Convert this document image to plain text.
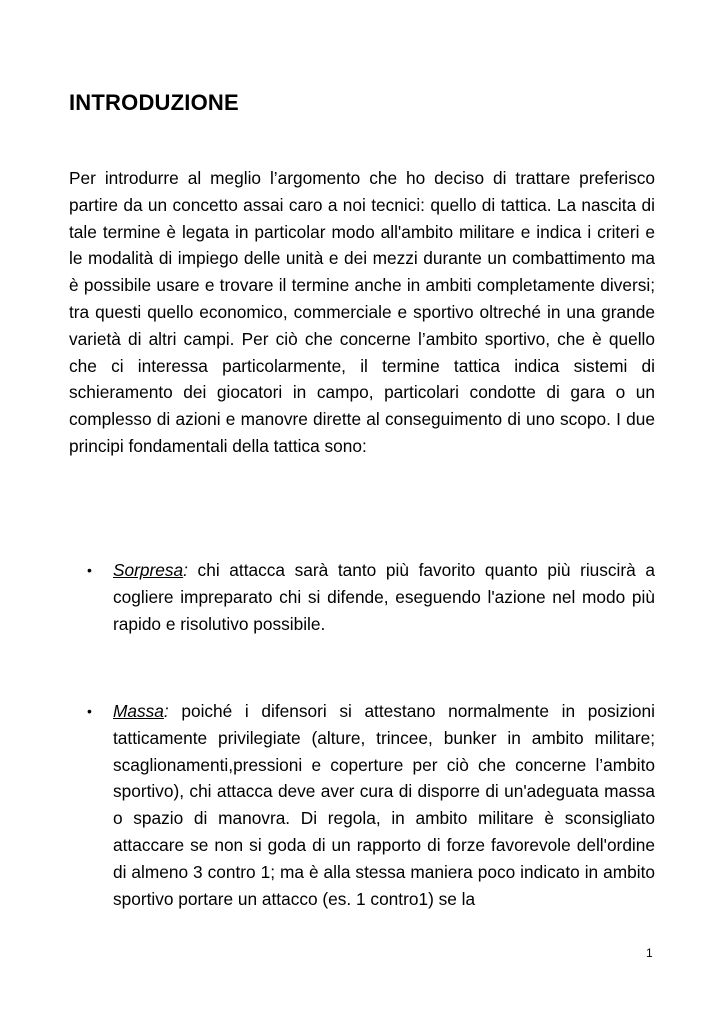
INTRODUZIONE

Per introdurre al meglio l’argomento che ho deciso di trattare preferisco partire da un concetto assai caro a noi tecnici: quello di tattica. La nascita di tale termine è legata in particolar modo all'ambito militare e indica i criteri e le modalità di impiego delle unità e dei mezzi durante un combattimento ma è possibile usare e trovare il termine anche in ambiti completamente diversi; tra questi quello economico, commerciale e sportivo oltreché in una grande varietà di altri campi. Per ciò che concerne l’ambito sportivo, che è quello che ci interessa particolarmente, il termine tattica indica sistemi di schieramento dei giocatori in campo, particolari condotte di gara o un complesso di azioni e manovre dirette al conseguimento di uno scopo. I due principi fondamentali della tattica sono:

• Sorpresa: chi attacca sarà tanto più favorito quanto più riuscirà a cogliere impreparato chi si difende, eseguendo l'azione nel modo più rapido e risolutivo possibile.
• Massa: poiché i difensori si attestano normalmente in posizioni tatticamente privilegiate (alture, trincee, bunker in ambito militare; scaglionamenti,pressioni e coperture per ciò che concerne l’ambito sportivo), chi attacca deve aver cura di disporre di un'adeguata massa o spazio di manovra. Di regola, in ambito militare è sconsigliato attaccare se non si goda di un rapporto di forze favorevole dell'ordine di almeno 3 contro 1; ma è alla stessa maniera poco indicato in ambito sportivo portare un attacco (es. 1 contro1) se la
1
